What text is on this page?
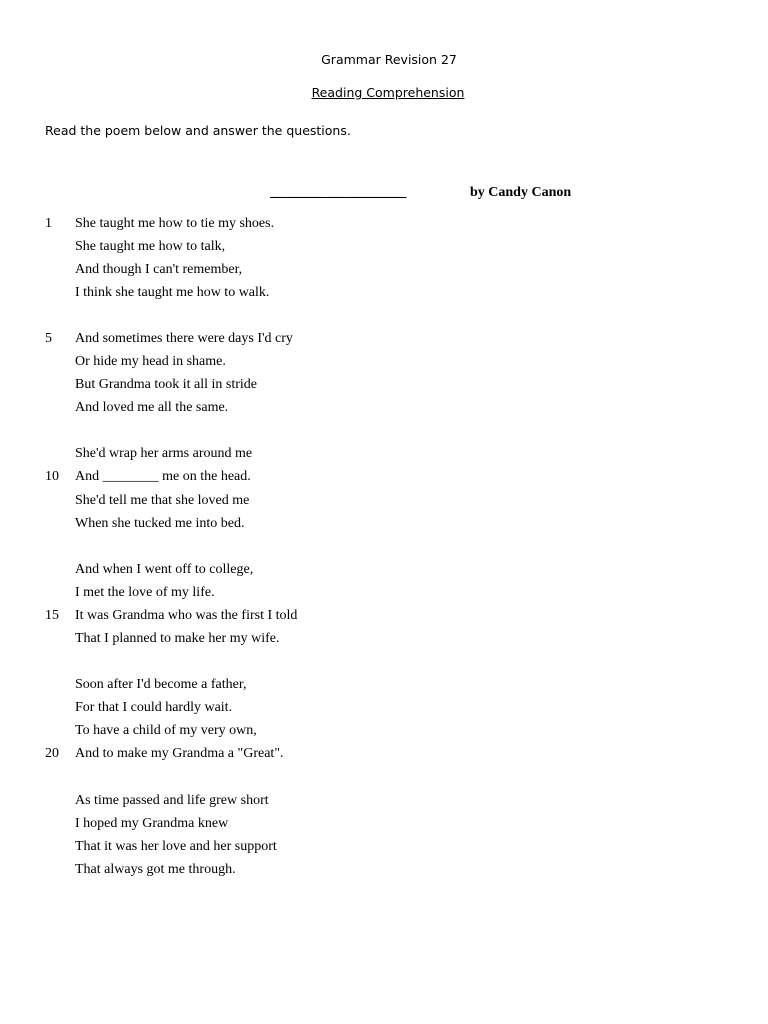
Grammar Revision 27
Reading Comprehension
Read the poem below and answer the questions.
__ _____  __ ________	by Candy Canon
1
5
10
15
20
She taught me how to tie my shoes.
She taught me how to talk,
And though I can't remember,
I think she taught me how to walk.
And sometimes there were days I'd cry
Or hide my head in shame.
But Grandma took it all in stride
And loved me all the same.
She'd wrap her arms around me
And ________ me on the head.
She'd tell me that she loved me
When she tucked me into bed.
And when I went off to college,
I met the love of my life.
It was Grandma who was the first I told
That I planned to make her my wife.
Soon after I'd become a father,
For that I could hardly wait.
To have a child of my very own,
And to make my Grandma a "Great".
As time passed and life grew short
I hoped my Grandma knew
That it was her love and her support
That always got me through.
